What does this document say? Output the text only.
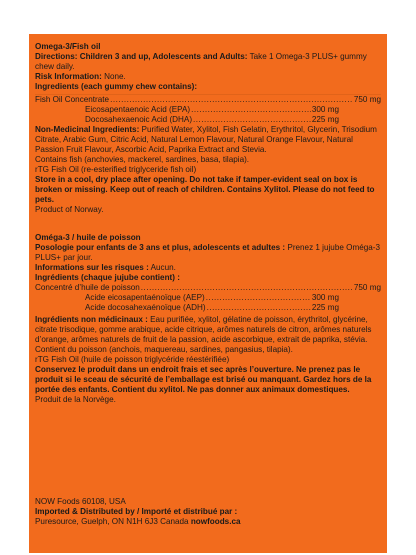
Omega-3/Fish oil

Directions: Children 3 and up, Adolescents and Adults: Take 1 Omega-3 PLUS+ gummy chew daily.

Risk Information: None.

Ingredients (each gummy chew contains):

Fish Oil Concentrate .....	750 mg
Eicosapentaenoic Acid (EPA) .....	300 mg
Docosahexaenoic Acid (DHA) .....	225 mg

Non-Medicinal Ingredients: Purified Water, Xylitol, Fish Gelatin, Erythritol, Glycerin, Trisodium Citrate, Arabic Gum, Citric Acid, Natural Lemon Flavour, Natural Orange Flavour, Natural Passion Fruit Flavour, Ascorbic Acid, Paprika Extract and Stevia.

Contains fish (anchovies, mackerel, sardines, basa, tilapia).

rTG Fish Oil (re-esterified triglyceride fish oil)

Store in a cool, dry place after opening. Do not take if tamper-evident seal on box is broken or missing. Keep out of reach of children. Contains Xylitol. Please do not feed to pets.

Product of Norway.

Oméga-3 / huile de poisson

Posologie pour enfants de 3 ans et plus, adolescents et adultes : Prenez 1 jujube Oméga-3 PLUS+ par jour.

Informations sur les risques : Aucun.

Ingrédients (chaque jujube contient) :

Concentré d’huile de poisson .....	750 mg
Acide eicosapentaénoïque (AEP) .....	300 mg
Acide docosahexaénoïque (ADH) .....	225 mg

Ingrédients non médicinaux : Eau purifiée, xylitol, gélatine de poisson, érythritol, glycérine, citrate trisodique, gomme arabique, acide citrique, arômes naturels de citron, arômes naturels d’orange, arômes naturels de fruit de la passion, acide ascorbique, extrait de paprika, stévia.

Contient du poisson (anchois, maquereau, sardines, pangasius, tilapia).

rTG Fish Oil (huile de poisson triglycéride réestérifiée)

Conservez le produit dans un endroit frais et sec après l’ouverture. Ne prenez pas le produit si le sceau de sécurité de l’emballage est brisé ou manquant. Gardez hors de la portée des enfants. Contient du xylitol. Ne pas donner aux animaux domestiques.

Produit de la Norvège.

NOW Foods 60108, USA

Imported & Distributed by / Importé et distribué par :

Puresource, Guelph, ON N1H 6J3 Canada nowfoods.ca
